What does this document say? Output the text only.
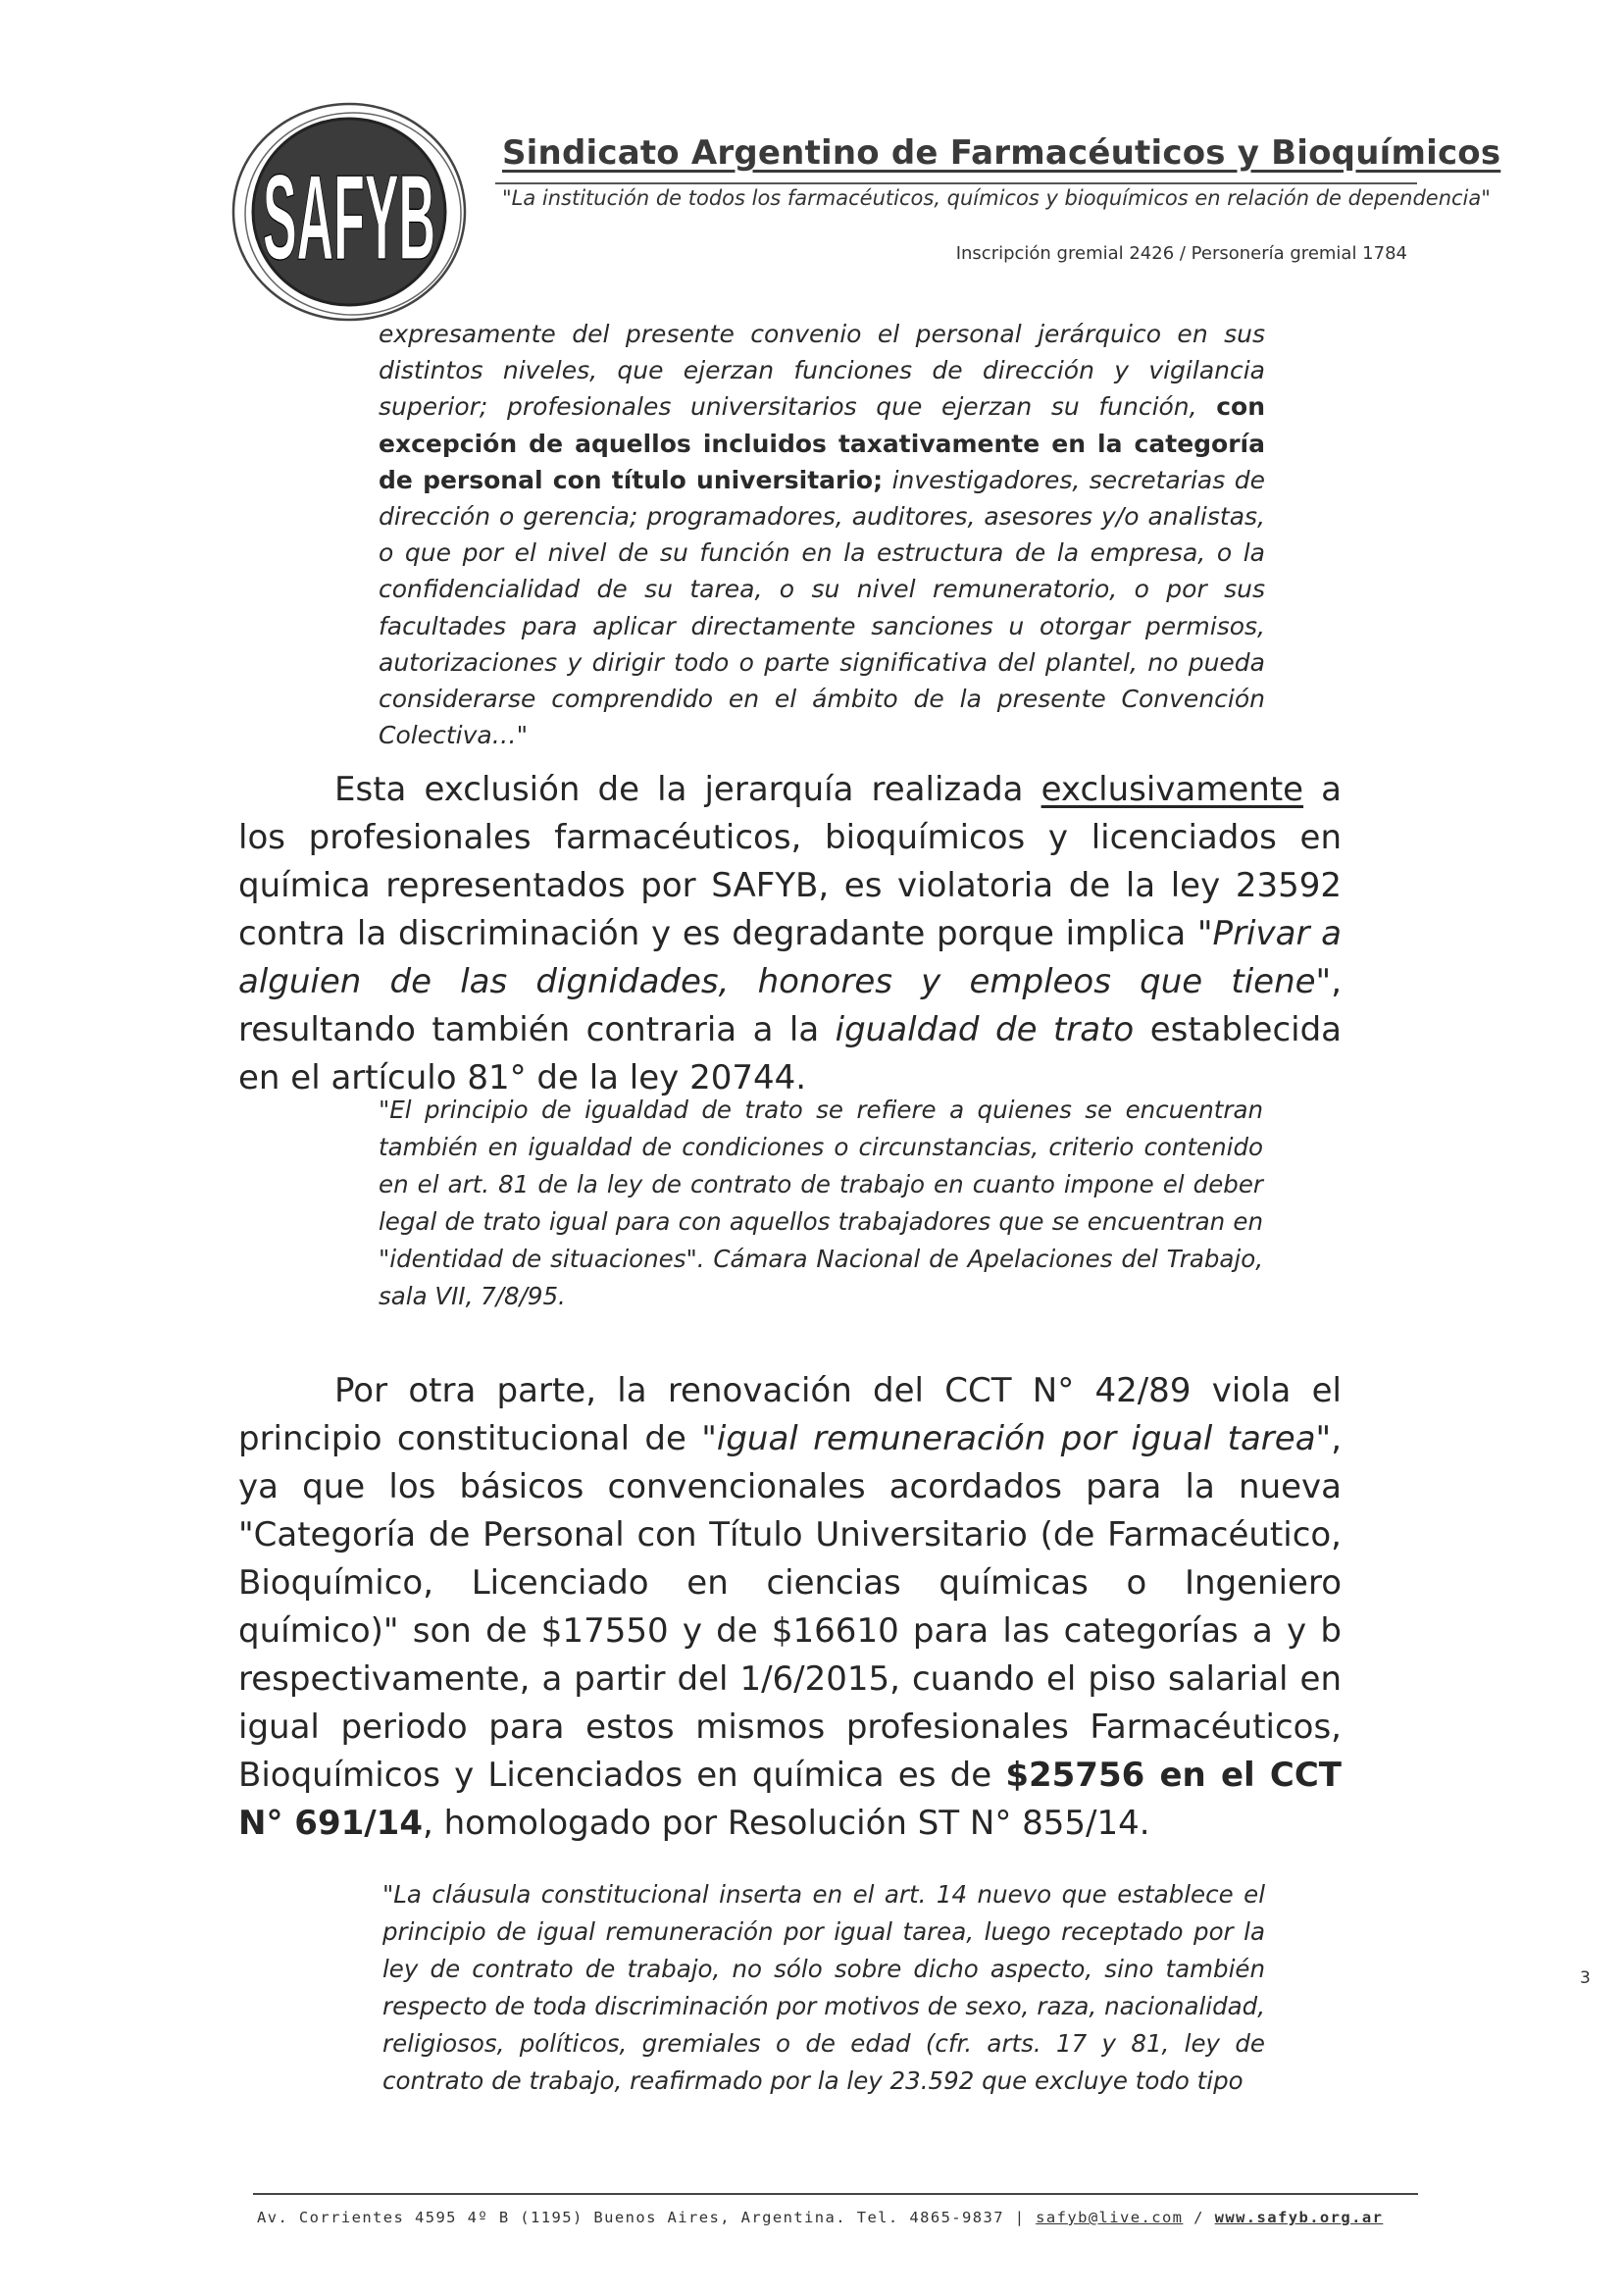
SAFYB Sindicato Argentino de Farmacéuticos y Bioquímicos
"La institución de todos los farmacéuticos, químicos y bioquímicos en relación de dependencia"
Inscripción gremial 2426 / Personería gremial 1784

expresamente del presente convenio el personal jerárquico en sus distintos niveles, que ejerzan funciones de dirección y vigilancia superior; profesionales universitarios que ejerzan su función, con excepción de aquellos incluidos taxativamente en la categoría de personal con título universitario; investigadores, secretarias de dirección o gerencia; programadores, auditores, asesores y/o analistas, o que por el nivel de su función en la estructura de la empresa, o la confidencialidad de su tarea, o su nivel remuneratorio, o por sus facultades para aplicar directamente sanciones u otorgar permisos, autorizaciones y dirigir todo o parte significativa del plantel, no pueda considerarse comprendido en el ámbito de la presente Convención Colectiva…"

Esta exclusión de la jerarquía realizada exclusivamente a los profesionales farmacéuticos, bioquímicos y licenciados en química representados por SAFYB, es violatoria de la ley 23592 contra la discriminación y es degradante porque implica "Privar a alguien de las dignidades, honores y empleos que tiene", resultando también contraria a la igualdad de trato establecida en el artículo 81° de la ley 20744.

"El principio de igualdad de trato se refiere a quienes se encuentran también en igualdad de condiciones o circunstancias, criterio contenido en el art. 81 de la ley de contrato de trabajo en cuanto impone el deber legal de trato igual para con aquellos trabajadores que se encuentran en "identidad de situaciones". Cámara Nacional de Apelaciones del Trabajo, sala VII, 7/8/95.

Por otra parte, la renovación del CCT N° 42/89 viola el principio constitucional de "igual remuneración por igual tarea", ya que los básicos convencionales acordados para la nueva "Categoría de Personal con Título Universitario (de Farmacéutico, Bioquímico, Licenciado en ciencias químicas o Ingeniero químico)" son de $17550 y de $16610 para las categorías a y b respectivamente, a partir del 1/6/2015, cuando el piso salarial en igual periodo para estos mismos profesionales Farmacéuticos, Bioquímicos y Licenciados en química es de $25756 en el CCT N° 691/14, homologado por Resolución ST N° 855/14.

"La cláusula constitucional inserta en el art. 14 nuevo que establece el principio de igual remuneración por igual tarea, luego receptado por la ley de contrato de trabajo, no sólo sobre dicho aspecto, sino también respecto de toda discriminación por motivos de sexo, raza, nacionalidad, religiosos, políticos, gremiales o de edad (cfr. arts. 17 y 81, ley de contrato de trabajo, reafirmado por la ley 23.592 que excluye todo tipo

3
Av. Corrientes 4595 4º B (1195) Buenos Aires, Argentina. Tel. 4865-9837 | safyb@live.com / www.safyb.org.ar
